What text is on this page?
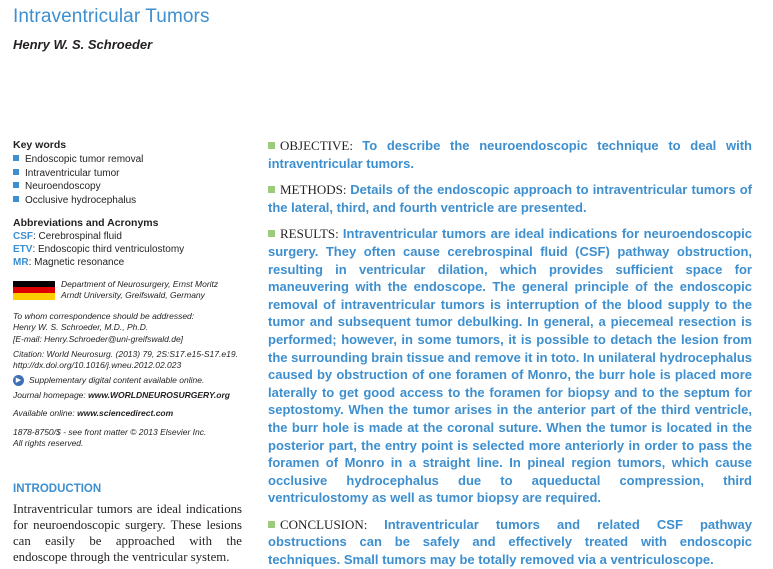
Intraventricular Tumors
Henry W. S. Schroeder
Key words
Endoscopic tumor removal
Intraventricular tumor
Neuroendoscopy
Occlusive hydrocephalus
Abbreviations and Acronyms
CSF: Cerebrospinal fluid
ETV: Endoscopic third ventriculostomy
MR: Magnetic resonance
Department of Neurosurgery, Ernst Moritz
Arndt University, Greifswald, Germany
To whom correspondence should be addressed:
Henry W. S. Schroeder, M.D., Ph.D.
[E-mail: Henry.Schroeder@uni-greifswald.de]
Citation: World Neurosurg. (2013) 79, 2S:S17.e15-S17.e19.
http://dx.doi.org/10.1016/j.wneu.2012.02.023
▶ Supplementary digital content available online.
Journal homepage: www.WORLDNEUROSURGERY.org
Available online: www.sciencedirect.com
1878-8750/$ - see front matter © 2013 Elsevier Inc.
All rights reserved.
INTRODUCTION
Intraventricular tumors are ideal indications for neuroendoscopic surgery. These lesions can easily be approached with the endoscope through the ventricular system.

OBJECTIVE: To describe the neuroendoscopic technique to deal with intraventricular tumors.

METHODS: Details of the endoscopic approach to intraventricular tumors of the lateral, third, and fourth ventricle are presented.

RESULTS: Intraventricular tumors are ideal indications for neuroendoscopic surgery. They often cause cerebrospinal fluid (CSF) pathway obstruction, resulting in ventricular dilation, which provides sufficient space for maneuvering with the endoscope. The general principle of the endoscopic removal of intraventricular tumors is interruption of the blood supply to the tumor and subsequent tumor debulking. In general, a piecemeal resection is performed; however, in some tumors, it is possible to detach the lesion from the surrounding brain tissue and remove it in toto. In unilateral hydrocephalus caused by obstruction of one foramen of Monro, the burr hole is placed more laterally to get good access to the foramen for biopsy and to the septum for septostomy. When the tumor arises in the anterior part of the third ventricle, the burr hole is made at the coronal suture. When the tumor is located in the posterior part, the entry point is selected more anteriorly in order to pass the foramen of Monro in a straight line. In pineal region tumors, which cause occlusive hydrocephalus due to aqueductal compression, third ventriculostomy as well as tumor biopsy are required.

CONCLUSION: Intraventricular tumors and related CSF pathway obstructions can be safely and effectively treated with endoscopic techniques. Small tumors may be totally removed via a ventriculoscope.
